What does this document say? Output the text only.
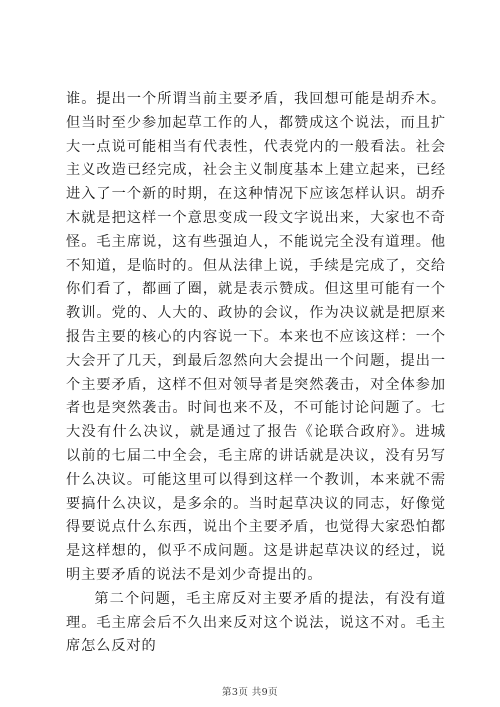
谁。提出一个所谓当前主要矛盾，我回想可能是胡乔木。但当时至少参加起草工作的人，都赞成这个说法，而且扩大一点说可能相当有代表性，代表党内的一般看法。社会主义改造已经完成，社会主义制度基本上建立起来，已经进入了一个新的时期，在这种情况下应该怎样认识。胡乔木就是把这样一个意思变成一段文字说出来，大家也不奇怪。毛主席说，这有些强迫人，不能说完全没有道理。他不知道，是临时的。但从法律上说，手续是完成了，交给你们看了，都画了圈，就是表示赞成。但这里可能有一个教训。党的、人大的、政协的会议，作为决议就是把原来报告主要的核心的内容说一下。本来也不应该这样：一个大会开了几天，到最后忽然向大会提出一个问题，提出一个主要矛盾，这样不但对领导者是突然袭击，对全体参加者也是突然袭击。时间也来不及，不可能讨论问题了。七大没有什么决议，就是通过了报告《论联合政府》。进城以前的七届二中全会，毛主席的讲话就是决议，没有另写什么决议。可能这里可以得到这样一个教训，本来就不需要搞什么决议，是多余的。当时起草决议的同志，好像觉得要说点什么东西，说出个主要矛盾，也觉得大家恐怕都是这样想的，似乎不成问题。这是讲起草决议的经过，说明主要矛盾的说法不是刘少奇提出的。

第二个问题，毛主席反对主要矛盾的提法，有没有道理。毛主席会后不久出来反对这个说法，说这不对。毛主席怎么反对的

第3页 共9页
